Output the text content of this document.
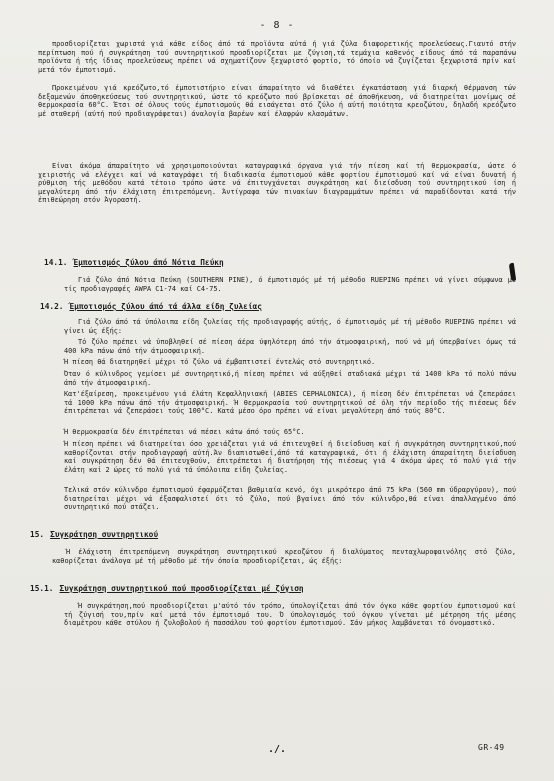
- 8 -
προσδιορίζεται χωριστά γιά κάθε είδος άπό τά προϊόντα αύτά ή γιά ζύλα διαφορετικής προελεύσεως.Γιαυτό στήν περίπτωση πού ή συγκράτηση τού συντηρητικού προσδιορίζεται με ζύγιση,τά τεμάχια καθενός είδους άπό τά παραπάνω προϊόντα ή τής ίδιας προελεύσεως πρέπει νά σχηματίζουν ξεχωριστό φορτίο, τό όποίο νά ζυγίζεται ξεχωριστά πρίν καί μετά τόν έμποτισμό.
Προκειμένου γιά κρεόζωτο,τό έμποτιστήριο είναι άπαραίτητο νά διαθέτει έγκατάσταση γιά διαρκή θέρμανση τών δεξαμενών άποθηκεύσεως τού συντηρητικού, ώστε τό κρεόζωτο πού βρίσκεται σέ άποθήκευση, νά διατηρείται μονίμως σέ θερμοκρασία 60°C. Έτσι σέ όλους τούς έμποτισμούς θά εισάγεται στό ζύλο ή αύτή ποιότητα κρεοζώτου, δηλαδή κρεόζωτο μέ σταθερή (αύτή πού προδιαγράφεται) άναλογία βαρέων καί έλαφρών κλασμάτων.
Είναι άκόμα άπαραίτητο νά χρησιμοποιούνται καταγραφικά όργανα γιά τήν πίεση καί τή θερμοκρασία, ώστε ό χειριστής νά ελέγχει καί νά καταγράφει τή διαδικασία έμποτισμού κάθε φορτίου έμποτισμού καί νά είναι δυνατή ή ρύθμιση τής μεθόδου κατά τέτοιο τρόπο ώστε νά έπιτυγχάνεται συγκράτηση καί διείσδυση τού συντηρητικού ίση ή μεγαλύτερη άπό τήν έλάχιστη έπιτρεπόμενη. Άντίγραφα τών πινακίων διαγραμμάτων πρέπει νά παραδίδονται κατά τήν έπιθεώρηση στόν Άγοραστή.
14.1. Έμποτισμός ζύλου άπό Νότια Πεύκη
Γιά ζύλο άπό Νότια Πεύκη (SOUTHERN PINE), ό έμποτισμός μέ τή μέθοδο RUEPING πρέπει νά γίνει σύμφωνα μέ τίς προδιαγραφές AWPA C1-74 καί C4-75.
14.2. Έμποτισμός ζύλου άπό τά άλλα είδη ζυλείας
Γιά ζύλο άπό τά ύπόλοιπα είδη ζυλείας τής προδιαγραφής αύτής, ό έμποτισμός μέ τή μέθοδο RUEPING πρέπει νά γίνει ώς έξής:
Τό ζύλο πρέπει νά ύποβληθεί σέ πίεση άέρα ύψηλότερη άπό τήν άτμοσφαιρική, πού νά μή ύπερβαίνει όμως τά 400 kPa πάνω άπό τήν άτμοσφαιρική.
Ή πίεση θά διατηρηθεί μέχρι τό ζύλο νά έμβαπτιστεί έντελώς στό συντηρητικό.
Όταν ό κύλινδρος γεμίσει μέ συντηρητικό,ή πίεση πρέπει νά αύξηθεί σταδιακά μέχρι τά 1400 kPa τό πολύ πάνω άπό τήν άτμοσφαιρική.
Κατ'έξαίρεση, προκειμένου γιά έλάτη Κεφαλληνιακή (ABIES CEPHALONICA), ή πίεση δέν έπιτρέπεται νά ζεπεράσει τά 1000 kPa πάνω άπό τήν άτμοσφαιρική. Ή θερμοκρασία τού συντηρητικού σέ όλη τήν περίοδο τής πιέσεως δέν έπιτρέπεται νά ζεπεράσει τούς 100°C. Κατά μέσο όρο πρέπει νά είναι μεγαλύτερη άπό τούς 80°C.
Ή θερμοκρασία δέν έπιτρέπεται νά πέσει κάτω άπό τούς 65°C.
Ή πίεση πρέπει νά διατηρείται όσο χρειάζεται γιά νά έπιτευχθεί ή διείσδυση καί ή συγκράτηση συντηρητικού,πού καθορίζονται στήν προδιαγραφή αύτή.Άν διαπιστωθεί,άπό τά καταγραφικά, ότι ή έλάχιστη άπαραίτητη διείσδυση καί συγκράτηση δέν θά έπιτευχθούν, έπιτρέπεται ή διατήρηση τής πιέσεως γιά 4 άκόμα ώρες τό πολύ γιά τήν έλάτη καί 2 ώρες τό πολύ γιά τά ύπόλοιπα είδη ζυλείας.
Τελικά στόν κύλινδρο έμποτισμού έφαρμόζεται βαθμιαία κενό, όχι μικρότερο άπό 75 kPa (560 mm ύδραργύρου), πού διατηρείται μέχρι νά έξασφαλιστεί ότι τό ζύλο, πού βγαίνει άπό τόν κύλινδρο,θά είναι άπαλλαγμένο άπό συντηρητικό πού στάζει.
15. Συγκράτηση συντηρητικού
Ή έλάχιστη έπιτρεπόμενη συγκράτηση συντηρητικού κρεοζώτου ή διαλύματος πενταχλωροφαινόλης στό ζύλο, καθορίζεται άνάλογα μέ τή μέθοδο μέ τήν όποία προσδιορίζεται, ώς έξής:
15.1. Συγκράτηση συντηρητικού πού προσδιορίζεται μέ ζύγιση
Ή συγκράτηση,πού προσδιορίζεται μ'αύτό τόν τρόπο, ύπολογίζεται άπό τόν όγκο κάθε φορτίου έμποτισμού καί τή ζύγισή του,πρίν καί μετά τόν έμποτισμό του. Ό ύπολογισμός τού όγκου γίνεται μέ μέτρηση τής μέσης διαμέτρου κάθε στύλου ή ζυλοβολού ή πασσάλου τού φορτίου έμποτισμού. Σάν μήκος λαμβάνεται τό όνομαστικό.
./.	GR-49
